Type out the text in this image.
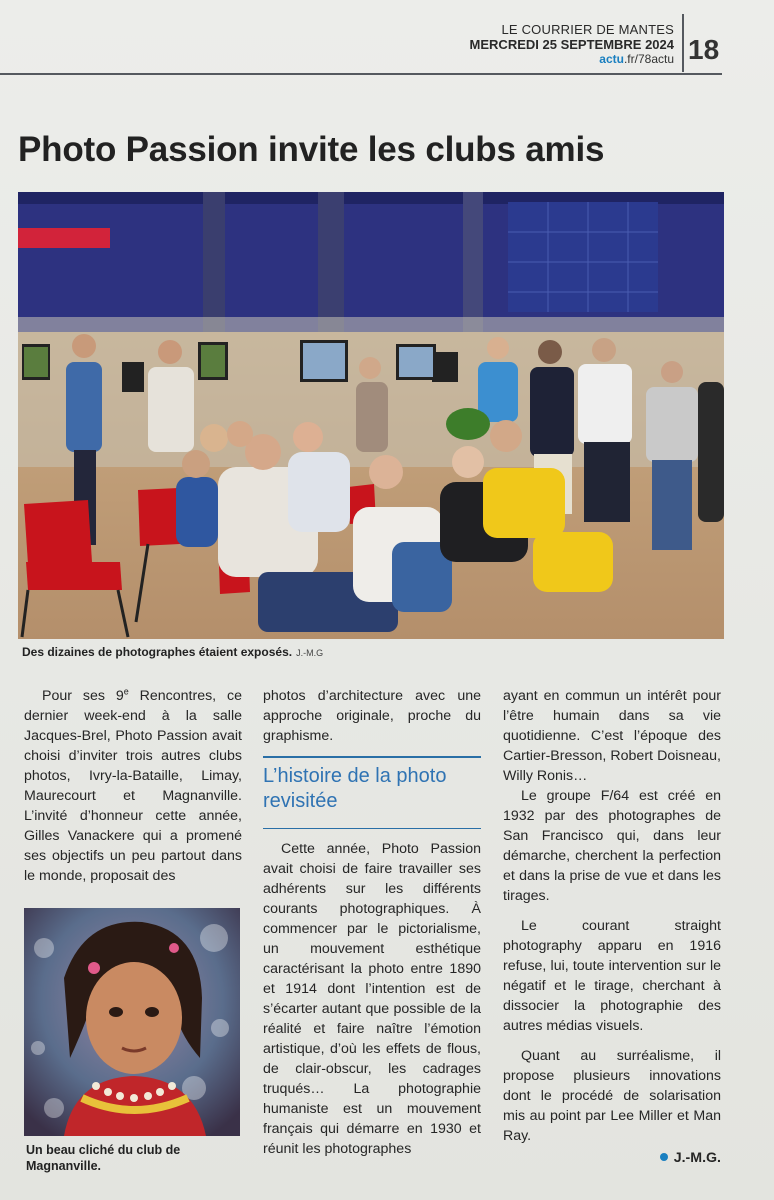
LE COURRIER DE MANTES
MERCREDI 25 SEPTEMBRE 2024
actu.fr/78actu 18
Photo Passion invite les clubs amis
Des dizaines de photographes étaient exposés. J.-M.G

Pour ses 9e Rencontres, ce dernier week-end à la salle Jacques-Brel, Photo Passion avait choisi d’inviter trois autres clubs photos, Ivry-la-Bataille, Limay, Maurecourt et Magnanville. L’invité d’honneur cette année, Gilles Vanackere qui a promené ses objectifs un peu partout dans le monde, proposait des

Un beau cliché du club de Magnanville.

photos d’architecture avec une approche originale, proche du graphisme.

L’histoire de la photo revisitée

Cette année, Photo Passion avait choisi de faire travailler ses adhérents sur les différents courants photographiques. À commencer par le pictorialisme, un mouvement esthétique caractérisant la photo entre 1890 et 1914 dont l’intention est de s’écarter autant que possible de la réalité et faire naître l’émotion artistique, d’où les effets de flous, de clair-obscur, les cadrages truqués… La photographie humaniste est un mouvement français qui démarre en 1930 et réunit les photographes

ayant en commun un intérêt pour l’être humain dans sa vie quotidienne. C’est l’époque des Cartier-Bresson, Robert Doisneau, Willy Ronis…

Le groupe F/64 est créé en 1932 par des photographes de San Francisco qui, dans leur démarche, cherchent la perfection et dans la prise de vue et dans les tirages.

Le courant straight photography apparu en 1916 refuse, lui, toute intervention sur le négatif et le tirage, cherchant à dissocier la photographie des autres médias visuels.

Quant au surréalisme, il propose plusieurs innovations dont le procédé de solarisation mis au point par Lee Miller et Man Ray.

J.-M.G.
